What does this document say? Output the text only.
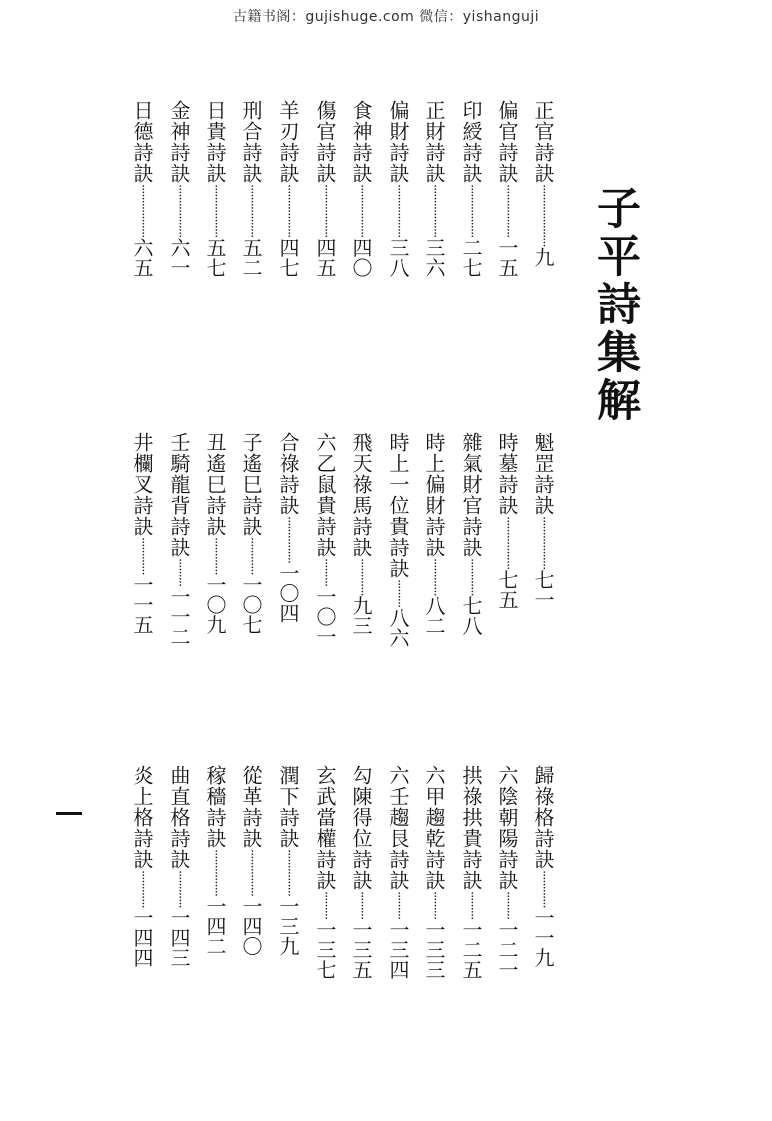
古籍书阁：gujishuge.com 微信：yishanguji
子平詩集解
正官詩訣····················九
偏官詩訣·················一五
印綬詩訣·················二七
正財詩訣·················三六
偏財詩訣·················三八
食神詩訣·················四〇
傷官詩訣·················四五
羊刃詩訣·················四七
刑合詩訣·················五二
日貴詩訣·················五七
金神詩訣·················六一
日德詩訣·················六五
魁罡詩訣·················七一
時墓詩訣·················七五
雜氣財官詩訣············七八
時上偏財詩訣············八二
時上一位貴詩訣·········八六
飛天祿馬詩訣············九三
六乙鼠貴詩訣·········一〇一
合祿詩訣···············一〇四
子遙巳詩訣············一〇七
丑遙巳詩訣············一〇九
壬騎龍背詩訣·········一一二
井欄叉詩訣············一一五
歸祿格詩訣············一一九
六陰朝陽詩訣·········一二一
拱祿拱貴詩訣·········一二五
六甲趨乾詩訣·········一三三
六壬趨艮詩訣·········一三四
勾陳得位詩訣·········一三五
玄武當權詩訣·········一三七
潤下詩訣···············一三九
從革詩訣···············一四〇
稼穡詩訣···············一四二
曲直格詩訣············一四三
炎上格詩訣············一四四
